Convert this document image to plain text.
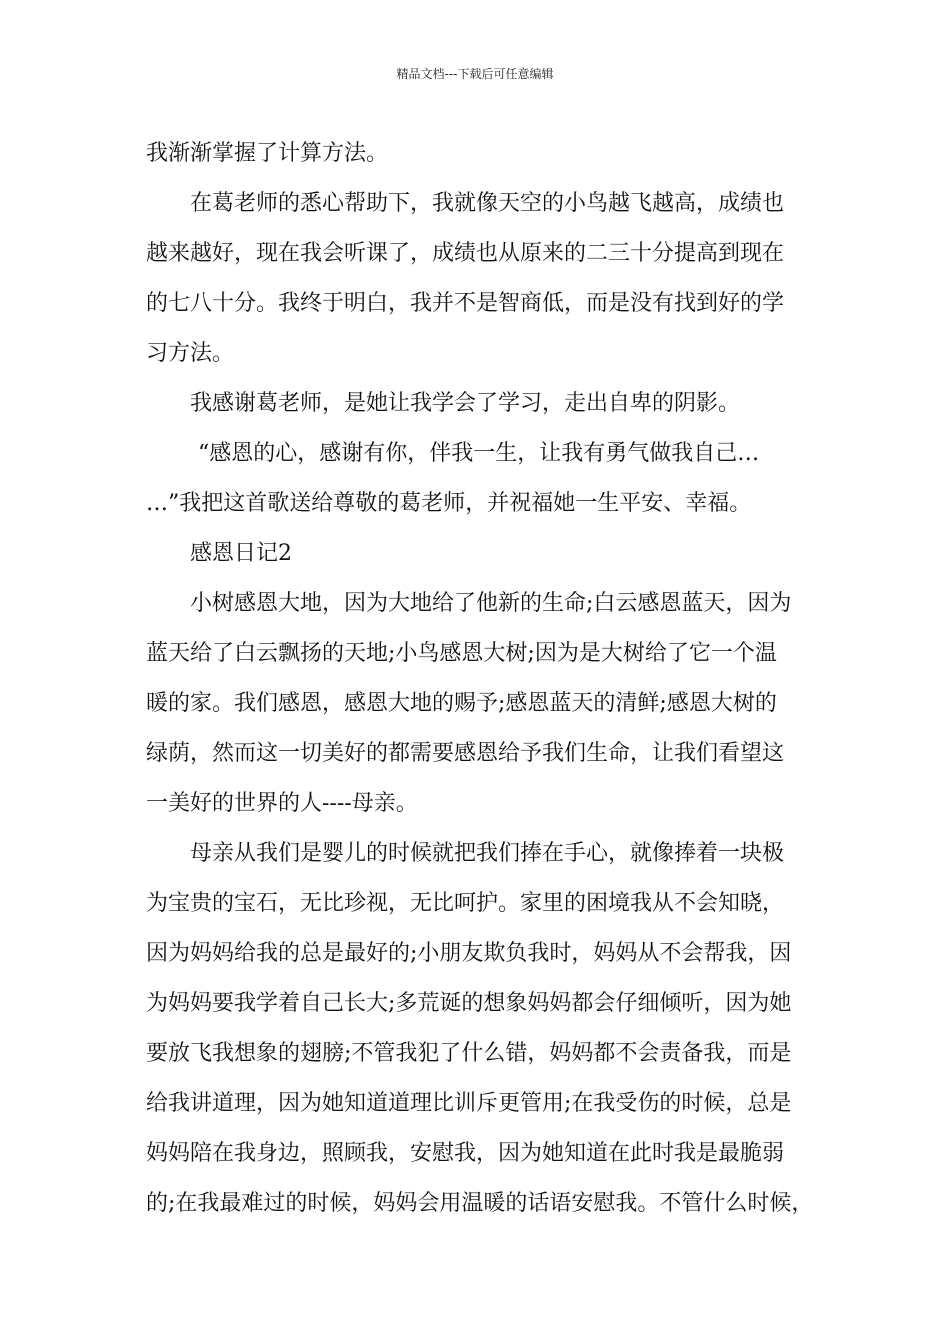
精品文档---下载后可任意编辑
我渐渐掌握了计算方法。
在葛老师的悉心帮助下，我就像天空的小鸟越飞越高，成绩也
越来越好，现在我会听课了，成绩也从原来的二三十分提高到现在
的七八十分。我终于明白，我并不是智商低，而是没有找到好的学
习方法。
我感谢葛老师，是她让我学会了学习，走出自卑的阴影。
“感恩的心，感谢有你，伴我一生，让我有勇气做我自己…
…”我把这首歌送给尊敬的葛老师，并祝福她一生平安、幸福。
感恩日记2
小树感恩大地，因为大地给了他新的生命;白云感恩蓝天，因为
蓝天给了白云飘扬的天地;小鸟感恩大树;因为是大树给了它一个温
暖的家。我们感恩，感恩大地的赐予;感恩蓝天的清鲜;感恩大树的
绿荫，然而这一切美好的都需要感恩给予我们生命，让我们看望这
一美好的世界的人----母亲。
母亲从我们是婴儿的时候就把我们捧在手心，就像捧着一块极
为宝贵的宝石，无比珍视，无比呵护。家里的困境我从不会知晓，
因为妈妈给我的总是最好的;小朋友欺负我时，妈妈从不会帮我，因
为妈妈要我学着自己长大;多荒诞的想象妈妈都会仔细倾听，因为她
要放飞我想象的翅膀;不管我犯了什么错，妈妈都不会责备我，而是
给我讲道理，因为她知道道理比训斥更管用;在我受伤的时候，总是
妈妈陪在我身边，照顾我，安慰我，因为她知道在此时我是最脆弱
的;在我最难过的时候，妈妈会用温暖的话语安慰我。不管什么时候，
